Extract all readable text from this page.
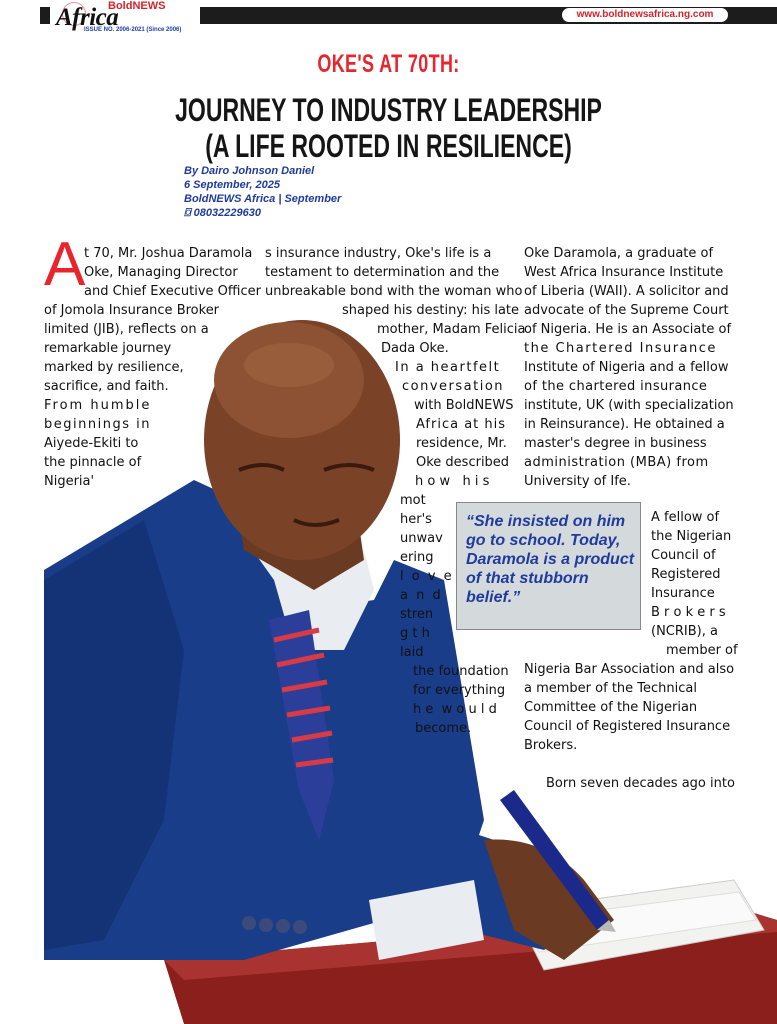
BoldNEWS
Africa
ISSUE NO. 2006-2021 (Since 2006)
www.boldnewsafrica.ng.com
OKE'S AT 70TH:
JOURNEY TO INDUSTRY LEADERSHIP
(A LIFE ROOTED IN RESILIENCE)
By Dairo Johnson Daniel
6 September, 2025
BoldNEWS Africa | September
⌼ 08032229630
A
t 70, Mr. Joshua Daramola
Oke, Managing Director
and Chief Executive Officer
of Jomola Insurance Broker
limited (JIB), reflects on a
remarkable journey
marked by resilience,
sacrifice, and faith.
From humble
beginnings in
Aiyede-Ekiti to
the pinnacle of
Nigeria'
s insurance industry, Oke's life is a
testament to determination and the
unbreakable bond with the woman who
shaped his destiny: his late
mother, Madam Felicia
Dada Oke.
In a heartfelt
conversation
with BoldNEWS
Africa at his
residence, Mr.
Oke described
h o w   h i s
mot
her's
unwav
ering
l o v e
a n d
stren
g t h
laid
the foundation
for everything
h e  w o u l d
become.
Oke Daramola, a graduate of
West Africa Insurance Institute
of Liberia (WAII). A solicitor and
advocate of the Supreme Court
of Nigeria. He is an Associate of
the Chartered Insurance
Institute of Nigeria and a fellow
of the chartered insurance
institute, UK (with specialization
in Reinsurance). He obtained a
master's degree in business
administration (MBA) from
University of Ife.
A fellow of
the Nigerian
Council of
Registered
Insurance
B r o k e r s
(NCRIB), a
member of
Nigeria Bar Association and also
a member of the Technical
Committee of the Nigerian
Council of Registered Insurance
Brokers.
Born seven decades ago into
“She insisted on him go to school. Today, Daramola is a product of that stubborn belief.”
